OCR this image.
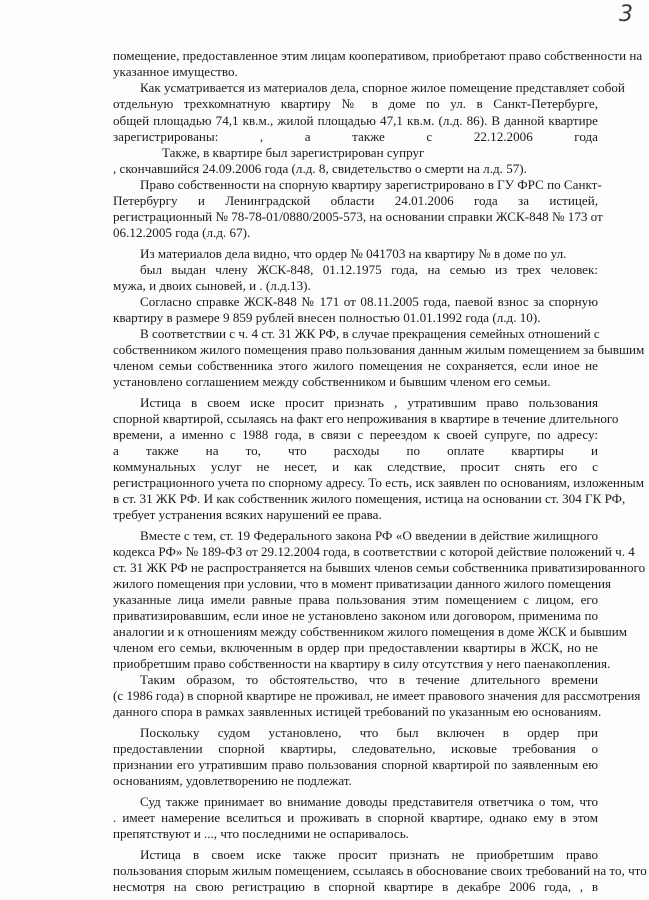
3
помещение, предоставленное этим лицам кооперативом, приобретают право собственности на
указанное имущество.
Как усматривается из материалов дела, спорное жилое помещение представляет собой
отдельную трехкомнатную квартиру № в доме по ул. в Санкт-Петербурге,
общей площадью 74,1 кв.м., жилой площадью 47,1 кв.м. (л.д. 86). В данной квартире
зарегистрированы: , а также с 22.12.2006 года
Также, в квартире был зарегистрирован супруг
, скончавшийся 24.09.2006 года (л.д. 8, свидетельство о смерти на л.д. 57).
Право собственности на спорную квартиру зарегистрировано в ГУ ФРС по Санкт-
Петербургу и Ленинградской области 24.01.2006 года за истицей,
регистрационный № 78-78-01/0880/2005-573, на основании справки ЖСК-848 № 173 от
06.12.2005 года (л.д. 67).
Из материалов дела видно, что ордер № 041703 на квартиру № в доме по ул.
был выдан члену ЖСК-848, 01.12.1975 года, на семью из трех человек:
мужа, и двоих сыновей, и . (л.д.13).
Согласно справке ЖСК-848 № 171 от 08.11.2005 года, паевой взнос за спорную
квартиру в размере 9 859 рублей внесен полностью 01.01.1992 года (л.д. 10).
В соответствии с ч. 4 ст. 31 ЖК РФ, в случае прекращения семейных отношений с
собственником жилого помещения право пользования данным жилым помещением за бывшим
членом семьи собственника этого жилого помещения не сохраняется, если иное не
установлено соглашением между собственником и бывшим членом его семьи.
Истица в своем иске просит признать , утратившим право пользования
спорной квартирой, ссылаясь на факт его непроживания в квартире в течение длительного
времени, а именно с 1988 года, в связи с переездом к своей супруге, по адресу:
а также на то, что расходы по оплате квартиры и
коммунальных услуг не несет, и как следствие, просит снять его с
регистрационного учета по спорному адресу. То есть, иск заявлен по основаниям, изложенным
в ст. 31 ЖК РФ. И как собственник жилого помещения, истица на основании ст. 304 ГК РФ,
требует устранения всяких нарушений ее права.
Вместе с тем, ст. 19 Федерального закона РФ «О введении в действие жилищного
кодекса РФ» № 189-ФЗ от 29.12.2004 года, в соответствии с которой действие положений ч. 4
ст. 31 ЖК РФ не распространяется на бывших членов семьи собственника приватизированного
жилого помещения при условии, что в момент приватизации данного жилого помещения
указанные лица имели равные права пользования этим помещением с лицом, его
приватизировавшим, если иное не установлено законом или договором, применима по
аналогии и к отношениям между собственником жилого помещения в доме ЖСК и бывшим
членом его семьи, включенным в ордер при предоставлении квартиры в ЖСК, но не
приобретшим право собственности на квартиру в силу отсутствия у него паенакопления.
Таким образом, то обстоятельство, что в течение длительного времени
(с 1986 года) в спорной квартире не проживал, не имеет правового значения для рассмотрения
данного спора в рамках заявленных истицей требований по указанным ею основаниям.
Поскольку судом установлено, что был включен в ордер при
предоставлении спорной квартиры, следовательно, исковые требования о
признании его утратившим право пользования спорной квартирой по заявленным ею
основаниям, удовлетворению не подлежат.
Суд также принимает во внимание доводы представителя ответчика о том, что
. имеет намерение вселиться и проживать в спорной квартире, однако ему в этом
препятствуют и ..., что последними не оспаривалось.
Истица в своем иске также просит признать не приобретшим право
пользования спорым жилым помещением, ссылаясь в обоснование своих требований на то, что
несмотря на свою регистрацию в спорной квартире в декабре 2006 года, , в
